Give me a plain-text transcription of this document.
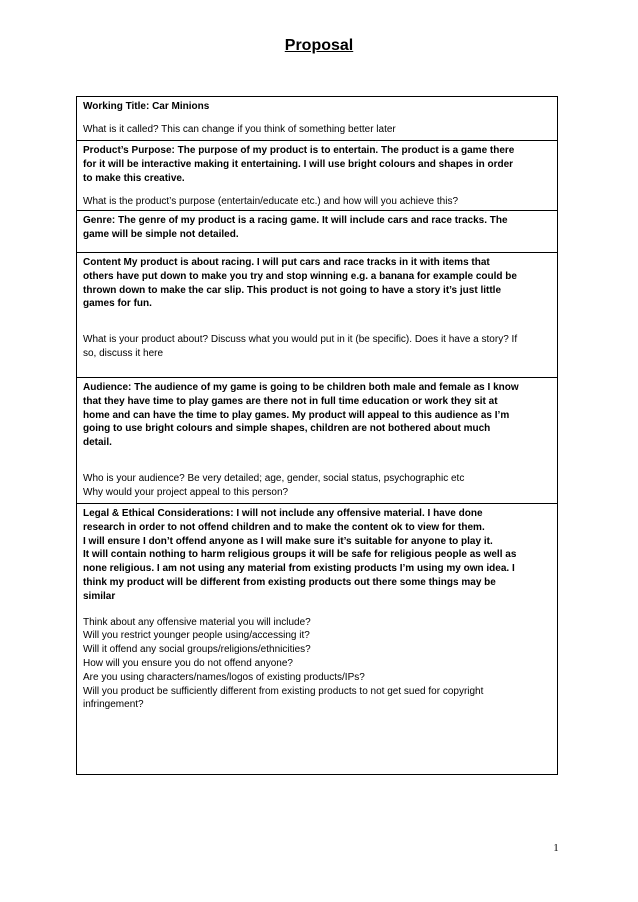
Proposal

Working Title: Car Minions

What is it called? This can change if you think of something better later

Product’s Purpose: The purpose of my product is to entertain. The product is a game there
for it will be interactive making it entertaining. I will use bright colours and shapes in order
to make this creative.

What is the product’s purpose (entertain/educate etc.) and how will you achieve this?

Genre: The genre of my product is a racing game. It will include cars and race tracks. The
game will be simple not detailed.

Content My product is about racing. I will put cars and race tracks in it with items that
others have put down to make you try and stop winning e.g. a banana for example could be
thrown down to make the car slip. This product is not going to have a story it’s just little
games for fun.

What is your product about? Discuss what you would put in it (be specific). Does it have a story? If
so, discuss it here

Audience: The audience of my game is going to be children both male and female as I know
that they have time to play games are there not in full time education or work they sit at
home and can have the time to play games. My product will appeal to this audience as I’m
going to use bright colours and simple shapes, children are not bothered about much
detail.

Who is your audience? Be very detailed; age, gender, social status, psychographic etc
Why would your project appeal to this person?

Legal & Ethical Considerations: I will not include any offensive material. I have done
research in order to not offend children and to make the content ok to view for them.
I will ensure I don’t offend anyone as I will make sure it’s suitable for anyone to play it.
It will contain nothing to harm religious groups it will be safe for religious people as well as
none religious. I am not using any material from existing products I’m using my own idea. I
think my product will be different from existing products out there some things may be
similar

Think about any offensive material you will include?
Will you restrict younger people using/accessing it?
Will it offend any social groups/religions/ethnicities?
How will you ensure you do not offend anyone?
Are you using characters/names/logos of existing products/IPs?
Will you product be sufficiently different from existing products to not get sued for copyright
infringement?

1
